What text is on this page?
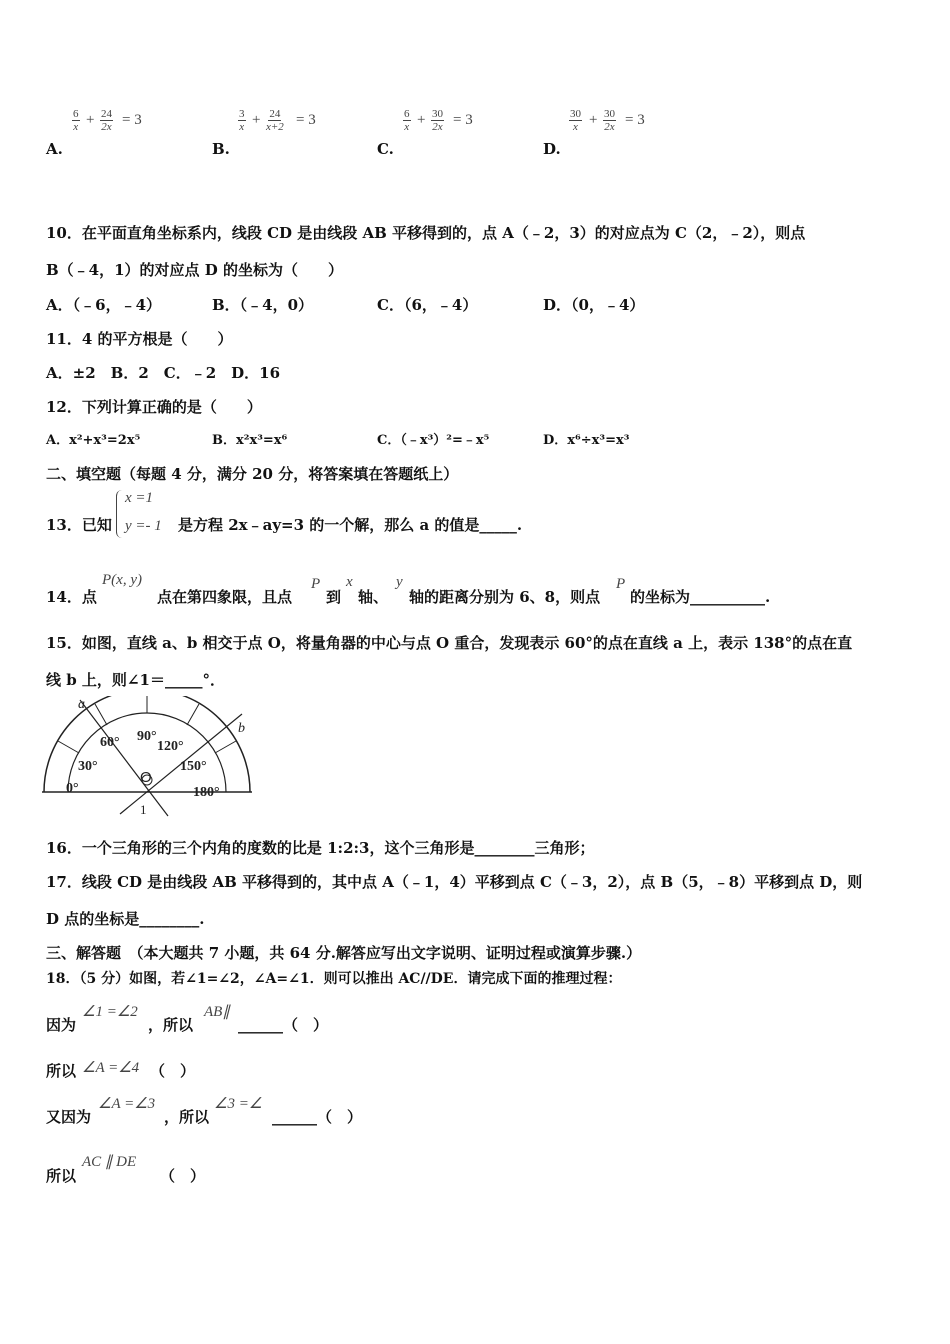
$\frac{6}{x} + \frac{24}{2x} = 3$
A.
$\frac{3}{x} + \frac{24}{x+2} = 3$
B.
$\frac{6}{x} + \frac{30}{2x} = 3$
C.
$\frac{30}{x} + \frac{30}{2x} = 3$
D.
10．在平面直角坐标系内，线段 CD 是由线段 AB 平移得到的，点 A（﹣2，3）的对应点为 C（2，﹣2），则点
B（﹣4，1）的对应点 D 的坐标为（　　）
A．（﹣6，﹣4）	B．（﹣4，0）	C．（6，﹣4）	D．（0，﹣4）
11．4 的平方根是（　　）
A．±2　B．2　C．﹣2　D．16
12．下列计算正确的是（　　）
A．x²+x³=2x⁵	B．x²x³=x⁶	C．（﹣x³）²=﹣x⁵	D．x⁶÷x³=x³
二、填空题（每题 4 分，满分 20 分，将答案填在答题纸上）
13．已知
x =1
y =- 1 是方程 2x﹣ay=3 的一个解，那么 a 的值是_____.
14．点
P(x, y)
点在第四象限，且点
P
到
x
轴、
y
轴的距离分别为 6、8，则点
P
的坐标为__________.
15．如图，直线 a、b 相交于点 O，将量角器的中心与点 O 重合，发现表示 60°的点在直线 a 上，表示 138°的点在直
线 b 上，则∠1＝_____°．
a
b
O
1
0°
30°
60° 90°
120°
150°
180°
16．一个三角形的三个内角的度数的比是 1:2:3，这个三角形是________三角形；
17．线段 CD 是由线段 AB 平移得到的，其中点 A（﹣1，4）平移到点 C（﹣3，2），点 B（5，﹣8）平移到点 D，则
D 点的坐标是________.
三、解答题　（本大题共 7 小题，共 64 分.解答应写出文字说明、证明过程或演算步骤.）
18．（5 分）如图，若∠1=∠2，∠A=∠1．则可以推出 AC//DE．请完成下面的推理过程：
因为
∠1 =∠2
，所以
AB∥
______（　）
所以 ∠A =∠4 （　）
又因为
∠A =∠3
，所以
∠3 =∠
______（　）
所以
AC ∥ DE
（　）
